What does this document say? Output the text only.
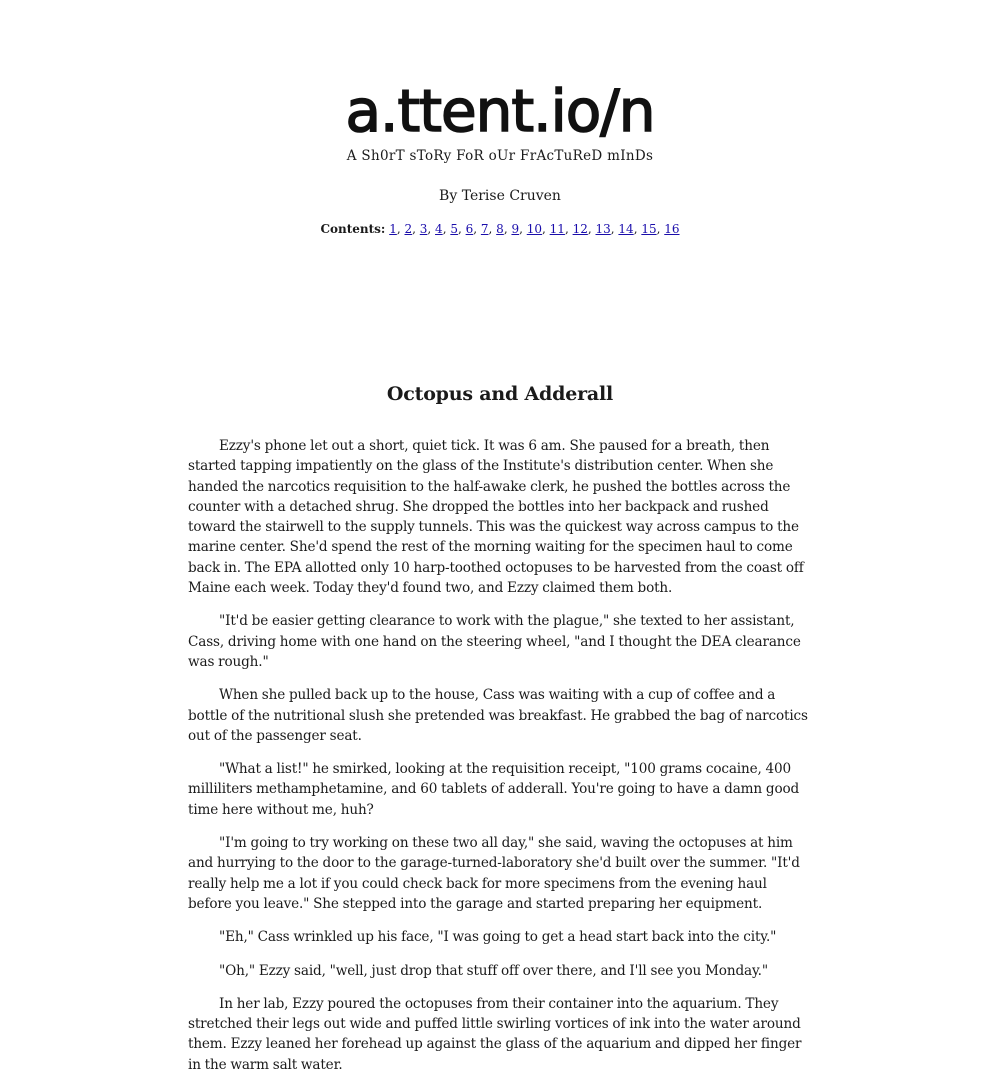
a.ttent.io/n
A Sh0rT sToRy FoR oUr FrAcTuReD mInDs
By Terise Cruven
Contents: 1, 2, 3, 4, 5, 6, 7, 8, 9, 10, 11, 12, 13, 14, 15, 16
Octopus and Adderall

Ezzy's phone let out a short, quiet tick. It was 6 am. She paused for a breath, then started tapping impatiently on the glass of the Institute's distribution center. When she handed the narcotics requisition to the half-awake clerk, he pushed the bottles across the counter with a detached shrug. She dropped the bottles into her backpack and rushed toward the stairwell to the supply tunnels. This was the quickest way across campus to the marine center. She'd spend the rest of the morning waiting for the specimen haul to come back in. The EPA allotted only 10 harp-toothed octopuses to be harvested from the coast off Maine each week. Today they'd found two, and Ezzy claimed them both.

"It'd be easier getting clearance to work with the plague," she texted to her assistant, Cass, driving home with one hand on the steering wheel, "and I thought the DEA clearance was rough."

When she pulled back up to the house, Cass was waiting with a cup of coffee and a bottle of the nutritional slush she pretended was breakfast. He grabbed the bag of narcotics out of the passenger seat.

"What a list!" he smirked, looking at the requisition receipt, "100 grams cocaine, 400 milliliters methamphetamine, and 60 tablets of adderall. You're going to have a damn good time here without me, huh?

"I'm going to try working on these two all day," she said, waving the octopuses at him and hurrying to the door to the garage-turned-laboratory she'd built over the summer. "It'd really help me a lot if you could check back for more specimens from the evening haul before you leave." She stepped into the garage and started preparing her equipment.

"Eh," Cass wrinkled up his face, "I was going to get a head start back into the city."

"Oh," Ezzy said, "well, just drop that stuff off over there, and I'll see you Monday."

In her lab, Ezzy poured the octopuses from their container into the aquarium. They stretched their legs out wide and puffed little swirling vortices of ink into the water around them. Ezzy leaned her forehead up against the glass of the aquarium and dipped her finger in the warm salt water.
